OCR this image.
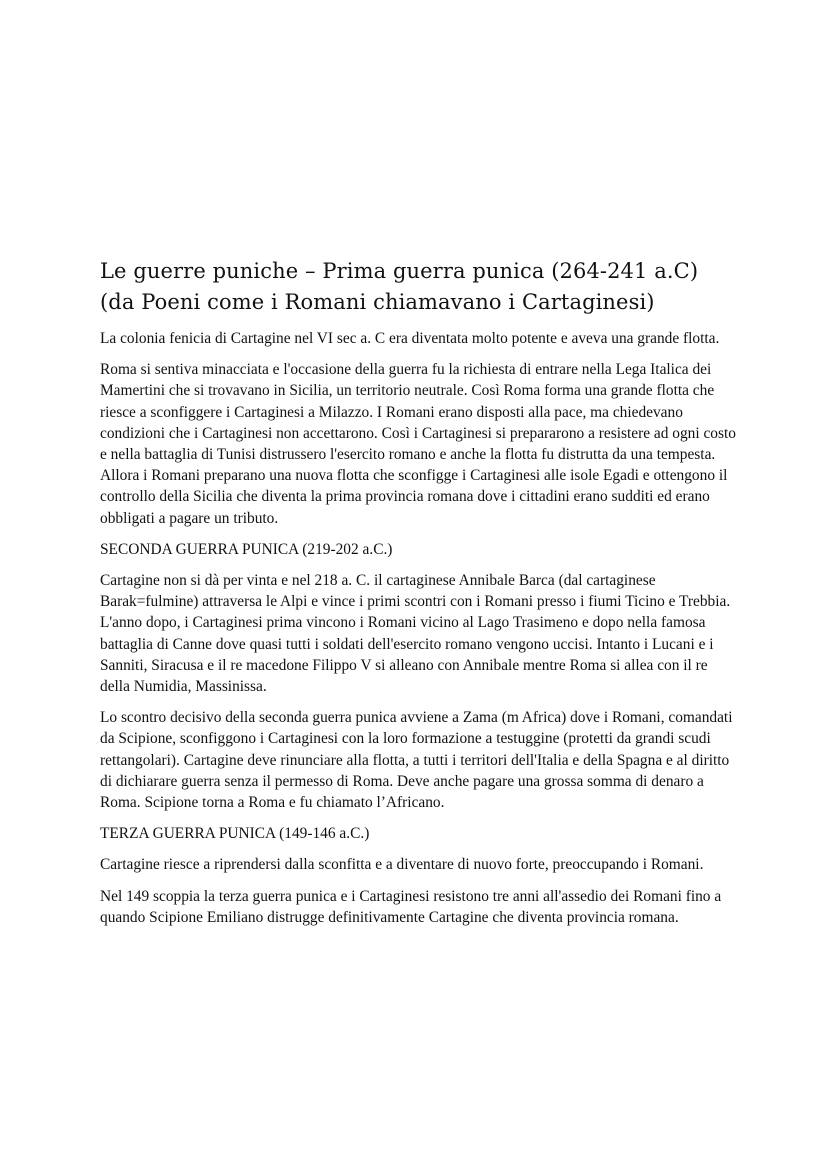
Le guerre puniche – Prima guerra punica (264-241 a.C) (da Poeni come i Romani chiamavano i Cartaginesi)

La colonia fenicia di Cartagine nel VI sec a. C era diventata molto potente e aveva una grande flotta.

Roma si sentiva minacciata e l'occasione della guerra fu la richiesta di entrare nella Lega Italica dei Mamertini che si trovavano in Sicilia, un territorio neutrale. Così Roma forma una grande flotta che riesce a sconfiggere i Cartaginesi a Milazzo. I Romani erano disposti alla pace, ma chiedevano condizioni che i Cartaginesi non accettarono. Così i Cartaginesi si prepararono a resistere ad ogni costo e nella battaglia di Tunisi distrussero l'esercito romano e anche la flotta fu distrutta da una tempesta. Allora i Romani preparano una nuova flotta che sconfigge i Cartaginesi alle isole Egadi e ottengono il controllo della Sicilia che diventa la prima provincia romana dove i cittadini erano sudditi ed erano obbligati a pagare un tributo.

SECONDA GUERRA PUNICA (219-202 a.C.)

Cartagine non si dà per vinta e nel 218 a. C. il cartaginese Annibale Barca (dal cartaginese Barak=fulmine) attraversa le Alpi e vince i primi scontri con i Romani presso i fiumi Ticino e Trebbia. L'anno dopo, i Cartaginesi prima vincono i Romani vicino al Lago Trasimeno e dopo nella famosa battaglia di Canne dove quasi tutti i soldati dell'esercito romano vengono uccisi. Intanto i Lucani e i Sanniti, Siracusa e il re macedone Filippo V si alleano con Annibale mentre Roma si allea con il re della Numidia, Massinissa.

Lo scontro decisivo della seconda guerra punica avviene a Zama (m Africa) dove i Romani, comandati da Scipione, sconfiggono i Cartaginesi con la loro formazione a testuggine (protetti da grandi scudi rettangolari). Cartagine deve rinunciare alla flotta, a tutti i territori dell'Italia e della Spagna e al diritto di dichiarare guerra senza il permesso di Roma. Deve anche pagare una grossa somma di denaro a Roma. Scipione torna a Roma e fu chiamato l’Africano.

TERZA GUERRA PUNICA (149-146 a.C.)

Cartagine riesce a riprendersi dalla sconfitta e a diventare di nuovo forte, preoccupando i Romani.

Nel 149 scoppia la terza guerra punica e i Cartaginesi resistono tre anni all'assedio dei Romani fino a quando Scipione Emiliano distrugge definitivamente Cartagine che diventa provincia romana.
